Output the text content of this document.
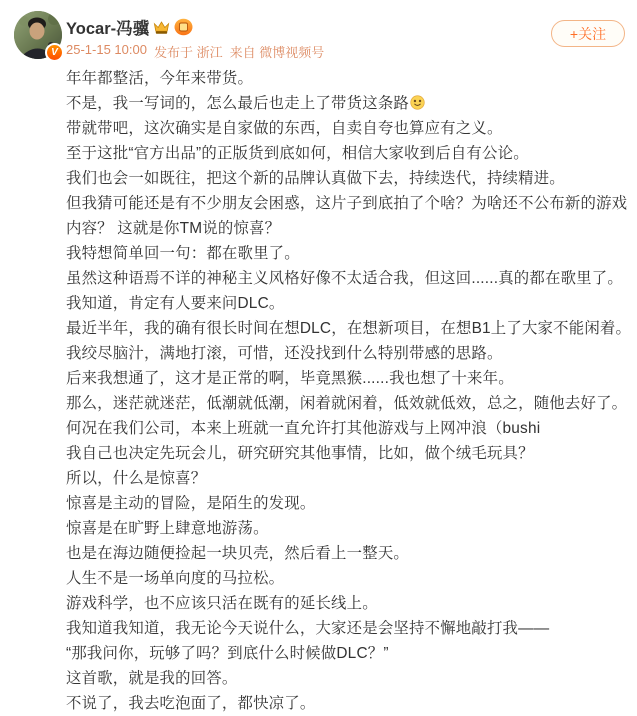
V
Yocar-冯骥
25-1-15 10:00 发布于 浙江 来自 微博视频号
+关注
年年都整活，今年来带货。
不是，我一写词的，怎么最后也走上了带货这条路
带就带吧，这次确实是自家做的东西，自卖自夸也算应有之义。
至于这批“官方出品”的正版货到底如何，相信大家收到后自有公论。
我们也会一如既往，把这个新的品牌认真做下去，持续迭代，持续精进。
但我猜可能还是有不少朋友会困惑，这片子到底拍了个啥？为啥还不公布新的游戏
内容？ 这就是你TM说的惊喜？
我特想简单回一句：都在歌里了。
虽然这种语焉不详的神秘主义风格好像不太适合我，但这回......真的都在歌里了。
我知道，肯定有人要来问DLC。
最近半年，我的确有很长时间在想DLC，在想新项目，在想B1上了大家不能闲着。
我绞尽脑汁，满地打滚，可惜，还没找到什么特别带感的思路。
后来我想通了，这才是正常的啊，毕竟黑猴......我也想了十来年。
那么，迷茫就迷茫，低潮就低潮，闲着就闲着，低效就低效，总之，随他去好了。
何况在我们公司，本来上班就一直允许打其他游戏与上网冲浪（bushi
我自己也决定先玩会儿，研究研究其他事情，比如，做个绒毛玩具？
所以，什么是惊喜？
惊喜是主动的冒险，是陌生的发现。
惊喜是在旷野上肆意地游荡。
也是在海边随便捡起一块贝壳，然后看上一整天。
人生不是一场单向度的马拉松。
游戏科学，也不应该只活在既有的延长线上。
我知道我知道，我无论今天说什么，大家还是会坚持不懈地敲打我——
“那我问你，玩够了吗？到底什么时候做DLC？”
这首歌，就是我的回答。
不说了，我去吃泡面了，都快凉了。
